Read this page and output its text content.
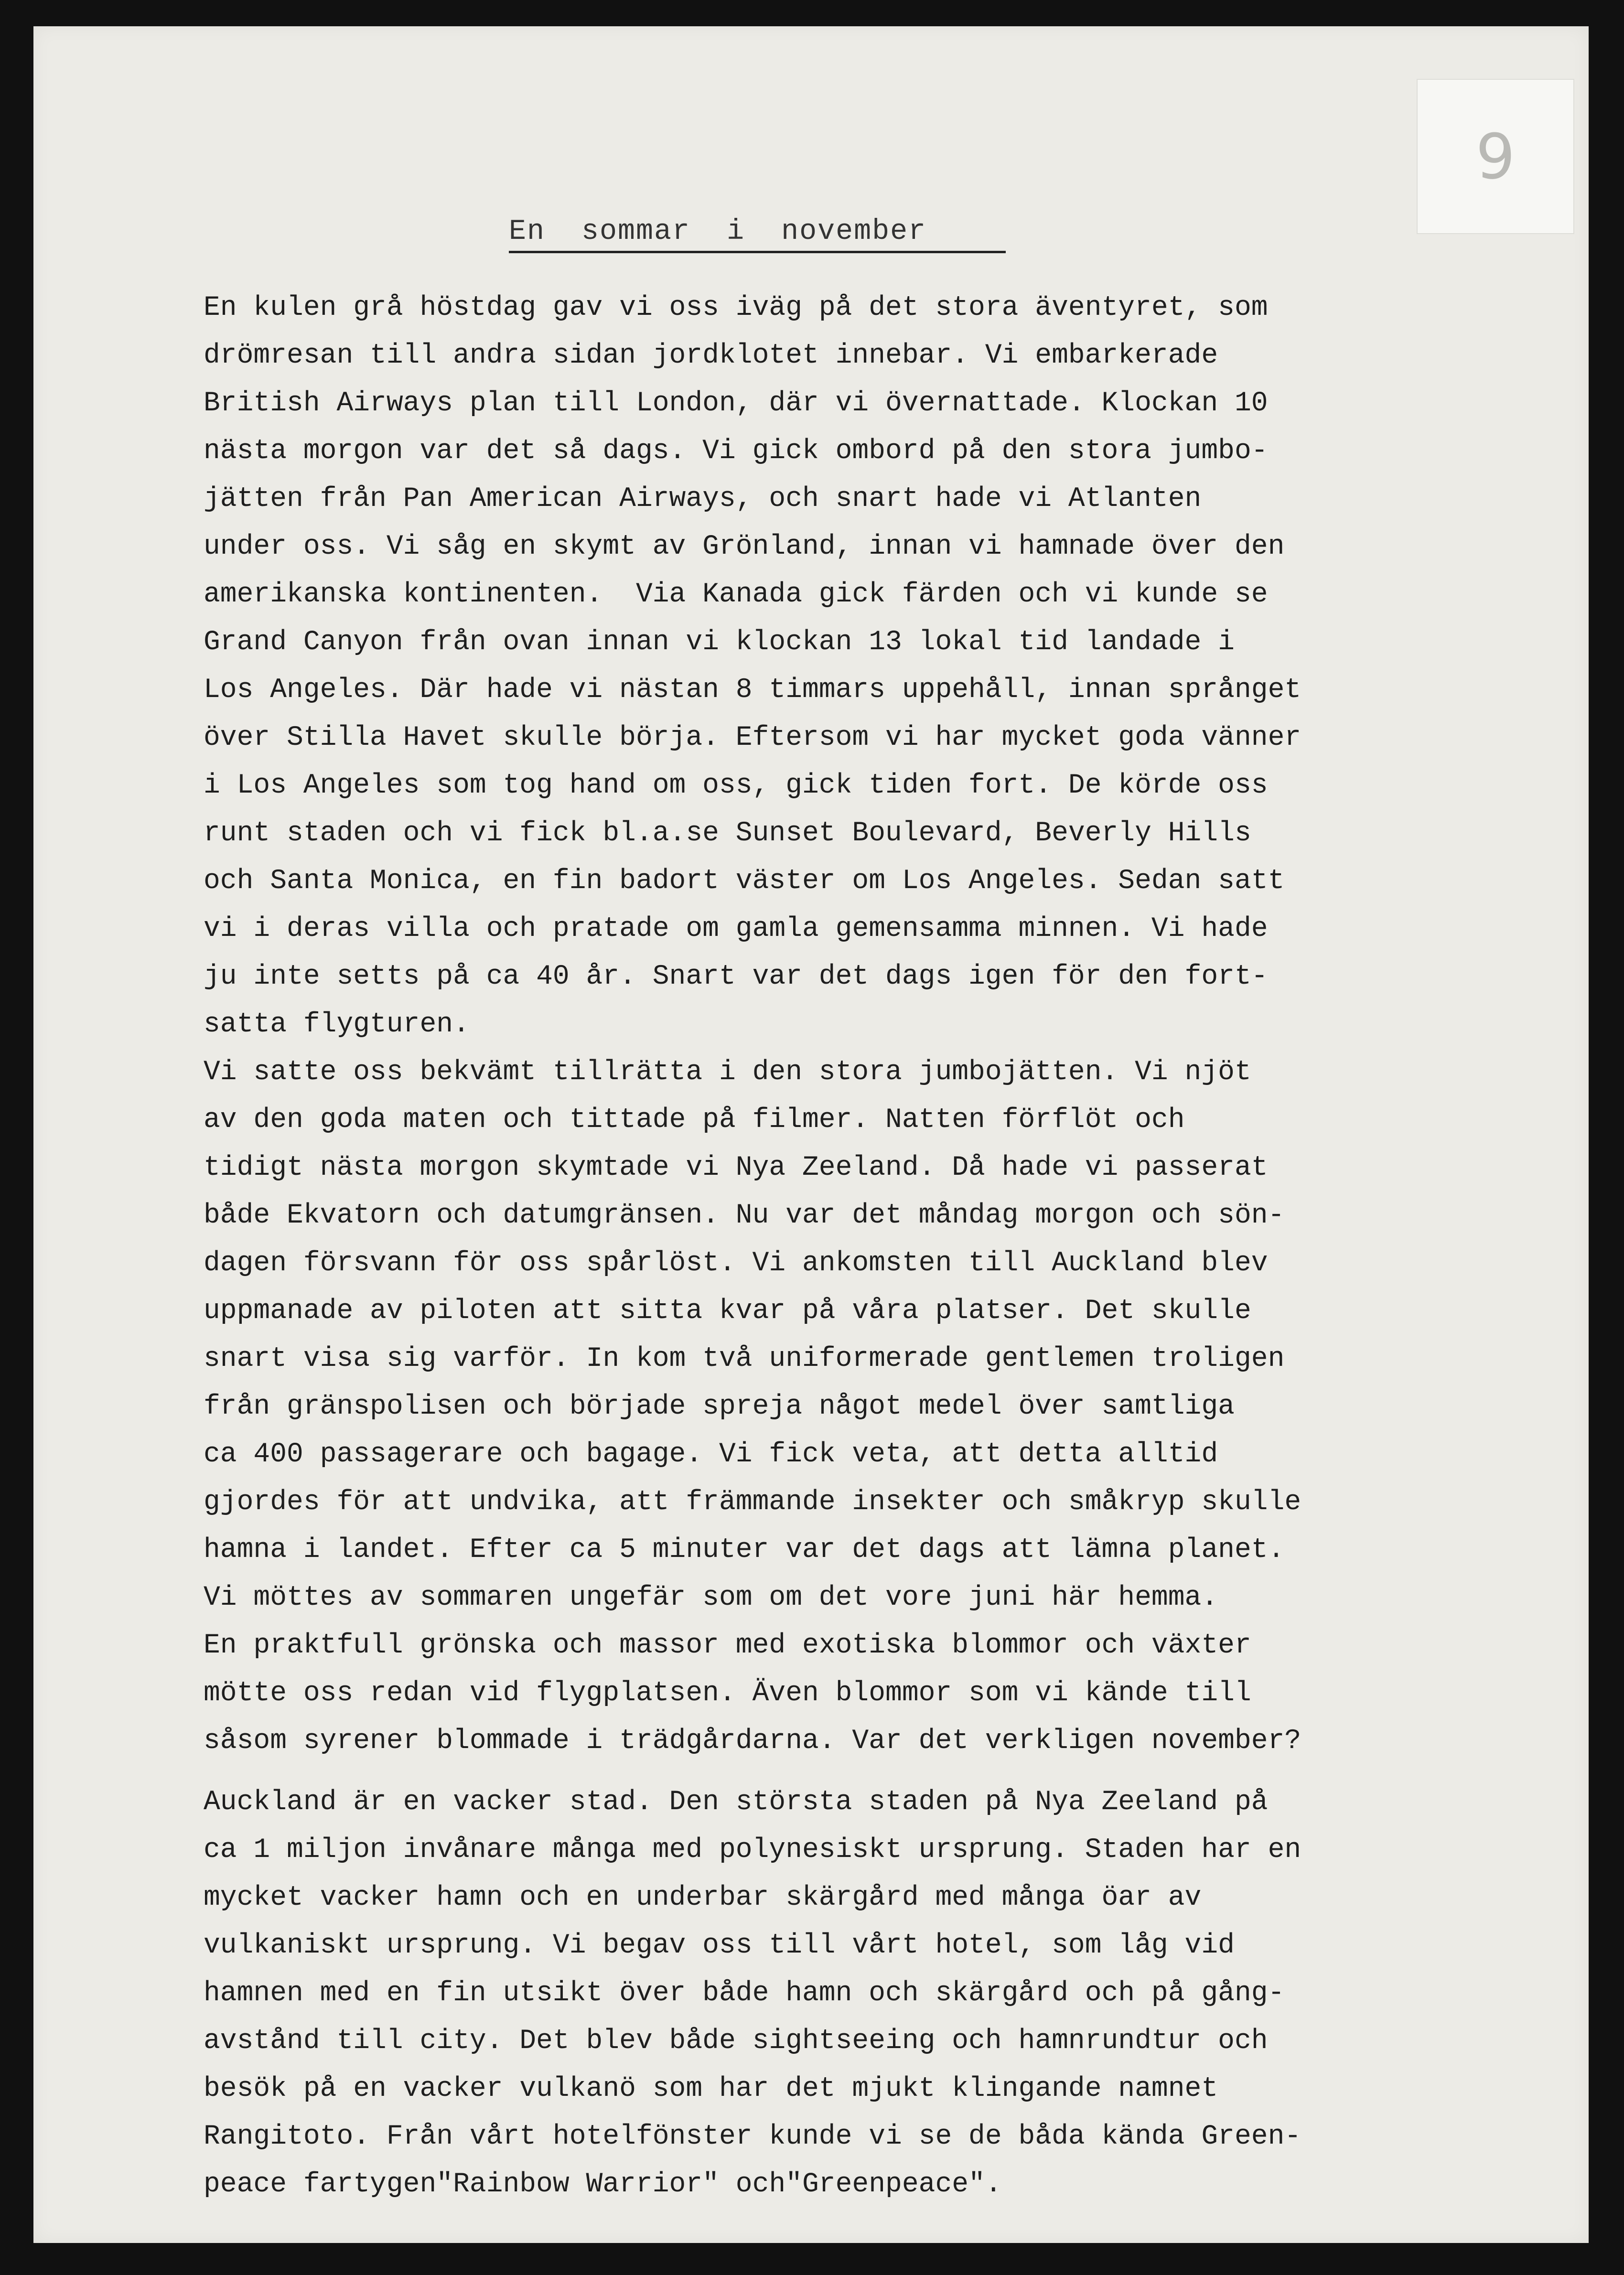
9
En  sommar  i  november
En kulen grå höstdag gav vi oss iväg på det stora äventyret, som
drömresan till andra sidan jordklotet innebar. Vi embarkerade
British Airways plan till London, där vi övernattade. Klockan 10
nästa morgon var det så dags. Vi gick ombord på den stora jumbo-
jätten från Pan American Airways, och snart hade vi Atlanten
under oss. Vi såg en skymt av Grönland, innan vi hamnade över den
amerikanska kontinenten.  Via Kanada gick färden och vi kunde se
Grand Canyon från ovan innan vi klockan 13 lokal tid landade i
Los Angeles. Där hade vi nästan 8 timmars uppehåll, innan språnget
över Stilla Havet skulle börja. Eftersom vi har mycket goda vänner
i Los Angeles som tog hand om oss, gick tiden fort. De körde oss
runt staden och vi fick bl.a.se Sunset Boulevard, Beverly Hills
och Santa Monica, en fin badort väster om Los Angeles. Sedan satt
vi i deras villa och pratade om gamla gemensamma minnen. Vi hade
ju inte setts på ca 40 år. Snart var det dags igen för den fort-
satta flygturen.
Vi satte oss bekvämt tillrätta i den stora jumbojätten. Vi njöt
av den goda maten och tittade på filmer. Natten förflöt och
tidigt nästa morgon skymtade vi Nya Zeeland. Då hade vi passerat
både Ekvatorn och datumgränsen. Nu var det måndag morgon och sön-
dagen försvann för oss spårlöst. Vi ankomsten till Auckland blev
uppmanade av piloten att sitta kvar på våra platser. Det skulle
snart visa sig varför. In kom två uniformerade gentlemen troligen
från gränspolisen och började spreja något medel över samtliga
ca 400 passagerare och bagage. Vi fick veta, att detta alltid
gjordes för att undvika, att främmande insekter och småkryp skulle
hamna i landet. Efter ca 5 minuter var det dags att lämna planet.
Vi möttes av sommaren ungefär som om det vore juni här hemma.
En praktfull grönska och massor med exotiska blommor och växter
mötte oss redan vid flygplatsen. Även blommor som vi kände till
såsom syrener blommade i trädgårdarna. Var det verkligen november?
Auckland är en vacker stad. Den största staden på Nya Zeeland på
ca 1 miljon invånare många med polynesiskt ursprung. Staden har en
mycket vacker hamn och en underbar skärgård med många öar av
vulkaniskt ursprung. Vi begav oss till vårt hotel, som låg vid
hamnen med en fin utsikt över både hamn och skärgård och på gång-
avstånd till city. Det blev både sightseeing och hamnrundtur och
besök på en vacker vulkanö som har det mjukt klingande namnet
Rangitoto. Från vårt hotelfönster kunde vi se de båda kända Green-
peace fartygen"Rainbow Warrior" och"Greenpeace".
